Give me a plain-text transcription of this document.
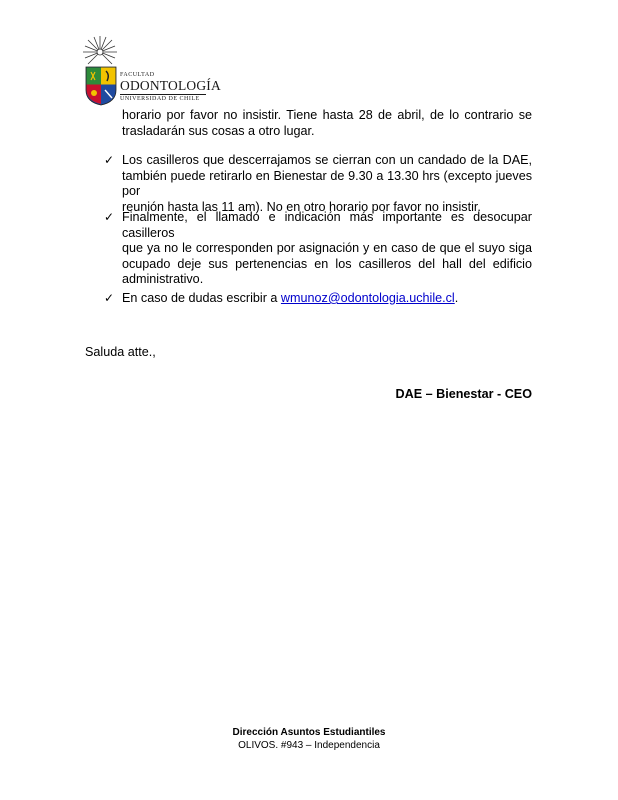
FACULTAD
ODONTOLOGÍA
UNIVERSIDAD DE CHILE
horario por favor no insistir. Tiene hasta 28 de abril, de lo contrario se
trasladarán sus cosas a otro lugar.
✓ Los casilleros que descerrajamos se cierran con un candado de la DAE,
también puede retirarlo en Bienestar de 9.30 a 13.30 hrs (excepto jueves por
reunión hasta las 11 am). No en otro horario por favor no insistir.
✓ Finalmente, el llamado e indicación más importante es desocupar casilleros
que ya no le corresponden por asignación y en caso de que el suyo siga
ocupado deje sus pertenencias en los casilleros del hall del edificio
administrativo.
✓ En caso de dudas escribir a wmunoz@odontologia.uchile.cl.
Saluda atte.,
DAE – Bienestar - CEO
Dirección Asuntos Estudiantiles
OLIVOS. #943 – Independencia
